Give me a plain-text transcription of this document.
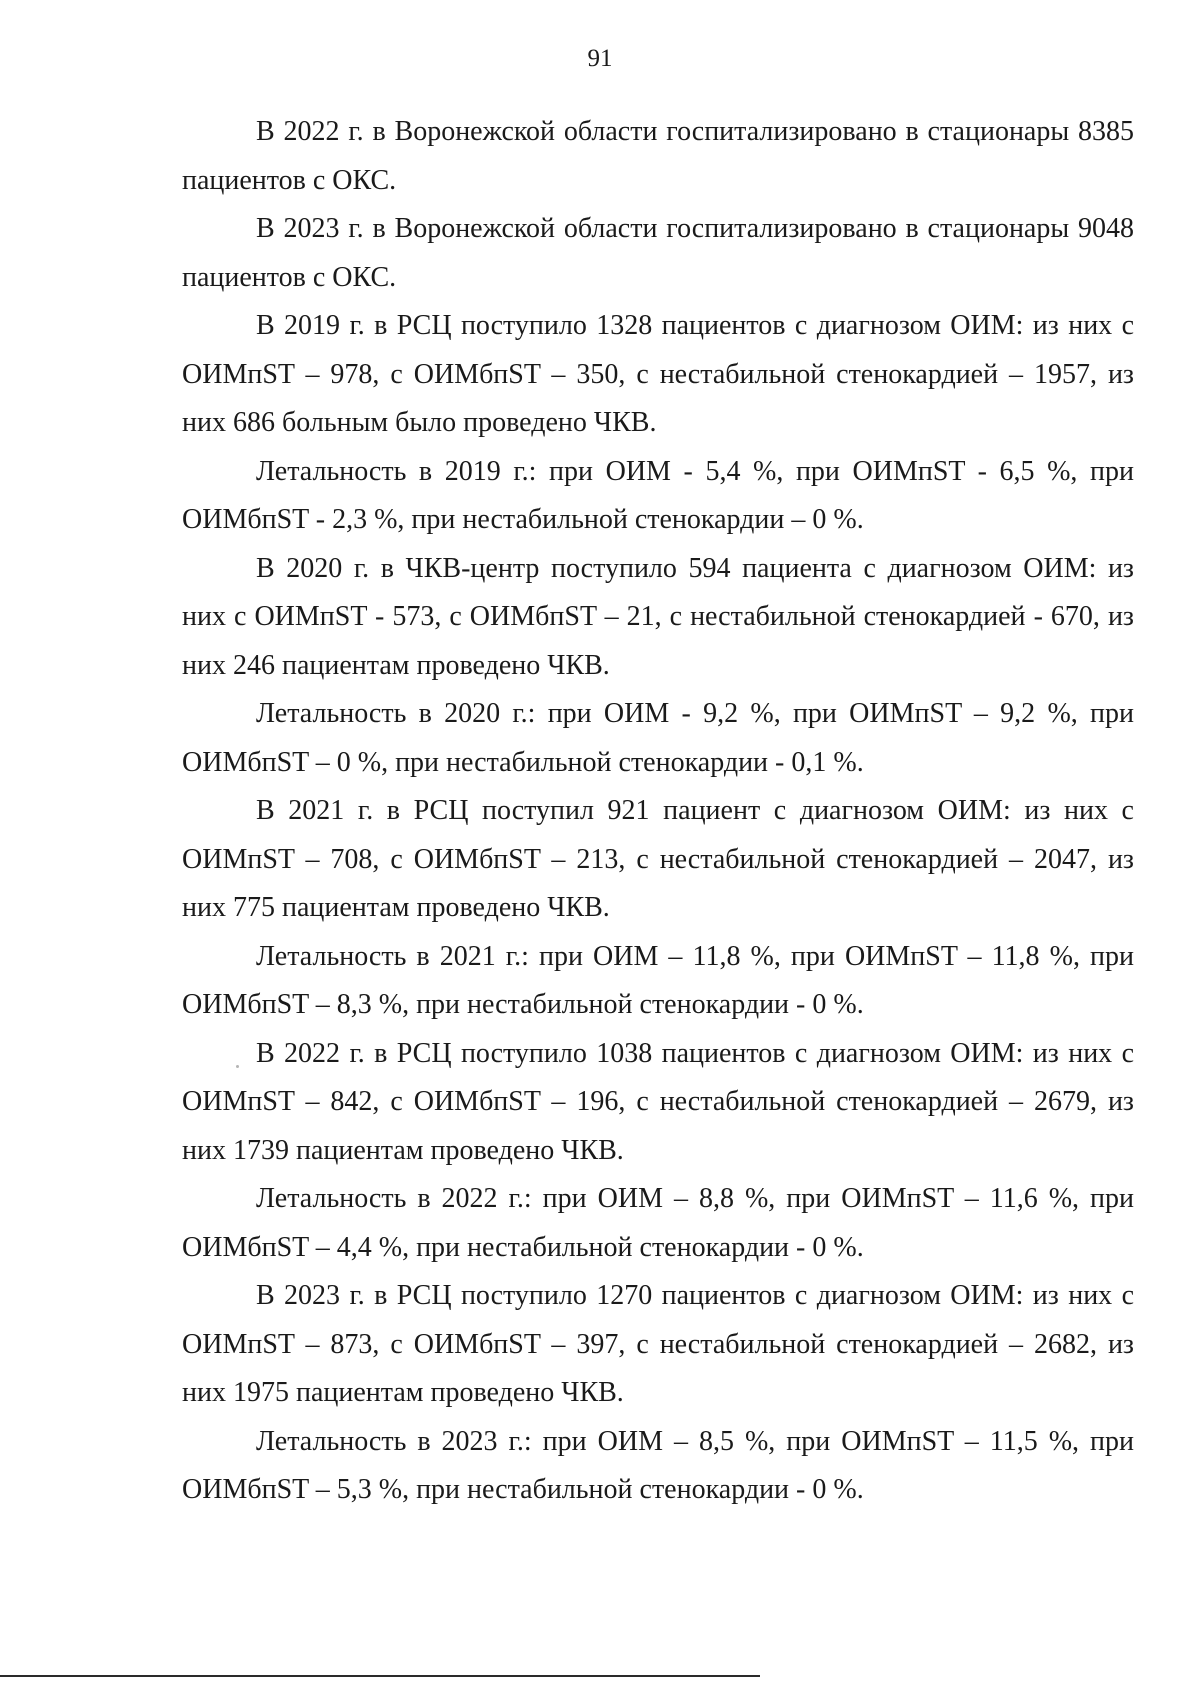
91

В 2022 г. в Воронежской области госпитализировано в стационары 8385 пациентов с ОКС.

В 2023 г. в Воронежской области госпитализировано в стационары 9048 пациентов с ОКС.

В 2019 г. в РСЦ поступило 1328 пациентов с диагнозом ОИМ: из них с ОИМпST – 978, с ОИМбпST – 350, с нестабильной стенокардией – 1957, из них 686 больным было проведено ЧКВ.

Летальность в 2019 г.: при ОИМ - 5,4 %, при ОИМпST - 6,5 %, при ОИМбпST - 2,3 %, при нестабильной стенокардии – 0 %.

В 2020 г. в ЧКВ-центр поступило 594 пациента с диагнозом ОИМ: из них с ОИМпST - 573, с ОИМбпST – 21, с нестабильной стенокардией - 670, из них 246 пациентам проведено ЧКВ.

Летальность в 2020 г.: при ОИМ - 9,2 %, при ОИМпST – 9,2 %, при ОИМбпST – 0 %, при нестабильной стенокардии - 0,1 %.

В 2021 г. в РСЦ поступил 921 пациент с диагнозом ОИМ: из них с ОИМпST – 708, с ОИМбпST – 213, с нестабильной стенокардией – 2047, из них 775 пациентам проведено ЧКВ.

Летальность в 2021 г.: при ОИМ – 11,8 %, при ОИМпST – 11,8 %, при ОИМбпST – 8,3 %, при нестабильной стенокардии - 0 %.

В 2022 г. в РСЦ поступило 1038 пациентов с диагнозом ОИМ: из них с ОИМпST – 842, с ОИМбпST – 196, с нестабильной стенокардией – 2679, из них 1739 пациентам проведено ЧКВ.

Летальность в 2022 г.: при ОИМ – 8,8 %, при ОИМпST – 11,6 %, при ОИМбпST – 4,4 %, при нестабильной стенокардии - 0 %.

В 2023 г. в РСЦ поступило 1270 пациентов с диагнозом ОИМ: из них с ОИМпST – 873, с ОИМбпST – 397, с нестабильной стенокардией – 2682, из них 1975 пациентам проведено ЧКВ.

Летальность в 2023 г.: при ОИМ – 8,5 %, при ОИМпST – 11,5 %, при ОИМбпST – 5,3 %, при нестабильной стенокардии - 0 %.
